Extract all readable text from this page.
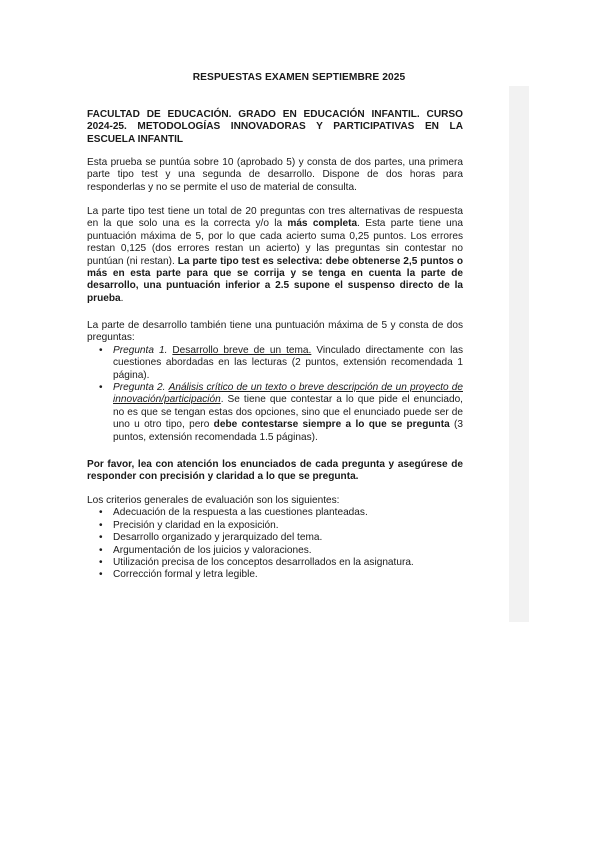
RESPUESTAS EXAMEN SEPTIEMBRE 2025
FACULTAD DE EDUCACIÓN. GRADO EN EDUCACIÓN INFANTIL. CURSO 2024-25. METODOLOGÍAS INNOVADORAS Y PARTICIPATIVAS EN LA ESCUELA INFANTIL
Esta prueba se puntúa sobre 10 (aprobado 5) y consta de dos partes, una primera parte tipo test y una segunda de desarrollo. Dispone de dos horas para responderlas y no se permite el uso de material de consulta.
La parte tipo test tiene un total de 20 preguntas con tres alternativas de respuesta en la que solo una es la correcta y/o la más completa. Esta parte tiene una puntuación máxima de 5, por lo que cada acierto suma 0,25 puntos. Los errores restan 0,125 (dos errores restan un acierto) y las preguntas sin contestar no puntúan (ni restan). La parte tipo test es selectiva: debe obtenerse 2,5 puntos o más en esta parte para que se corrija y se tenga en cuenta la parte de desarrollo, una puntuación inferior a 2.5 supone el suspenso directo de la prueba.
La parte de desarrollo también tiene una puntuación máxima de 5 y consta de dos preguntas:
• Pregunta 1. Desarrollo breve de un tema. Vinculado directamente con las cuestiones abordadas en las lecturas (2 puntos, extensión recomendada 1 página).
• Pregunta 2. Análisis crítico de un texto o breve descripción de un proyecto de innovación/participación. Se tiene que contestar a lo que pide el enunciado, no es que se tengan estas dos opciones, sino que el enunciado puede ser de uno u otro tipo, pero debe contestarse siempre a lo que se pregunta (3 puntos, extensión recomendada 1.5 páginas).
Por favor, lea con atención los enunciados de cada pregunta y asegúrese de responder con precisión y claridad a lo que se pregunta.
Los criterios generales de evaluación son los siguientes:
• Adecuación de la respuesta a las cuestiones planteadas.
• Precisión y claridad en la exposición.
• Desarrollo organizado y jerarquizado del tema.
• Argumentación de los juicios y valoraciones.
• Utilización precisa de los conceptos desarrollados en la asignatura.
• Corrección formal y letra legible.
